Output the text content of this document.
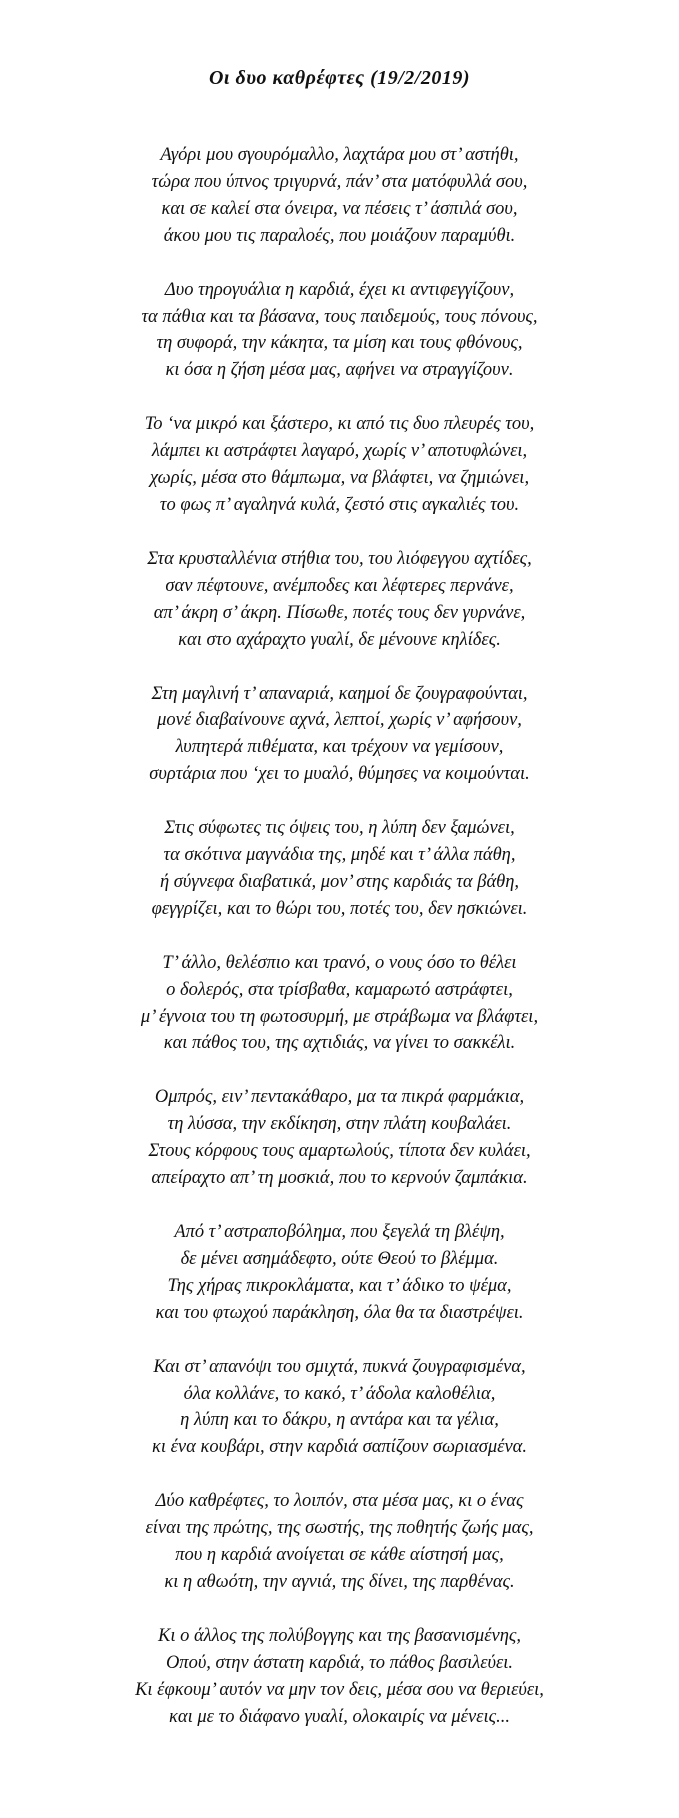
Οι δυο καθρέφτες (19/2/2019)
Αγόρι μου σγουρόμαλλο, λαχτάρα μου στ’ αστήθι,
τώρα που ύπνος τριγυρνά, πάν’ στα ματόφυλλά σου,
και σε καλεί στα όνειρα, να πέσεις τ’ άσπιλά σου,
άκου μου τις παραλοές, που μοιάζουν παραμύθι.
Δυο τηρογυάλια η καρδιά, έχει κι αντιφεγγίζουν,
τα πάθια και τα βάσανα, τους παιδεμούς, τους πόνους,
τη συφορά, την κάκητα, τα μίση και τους φθόνους,
κι όσα η ζήση μέσα μας, αφήνει να στραγγίζουν.
Το ‘να μικρό και ξάστερο, κι από τις δυο πλευρές του,
λάμπει κι αστράφτει λαγαρό, χωρίς ν’ αποτυφλώνει,
χωρίς, μέσα στο θάμπωμα, να βλάφτει, να ζημιώνει,
το φως π’ αγαληνά κυλά, ζεστό στις αγκαλιές του.
Στα κρυσταλλένια στήθια του, του λιόφεγγου αχτίδες,
σαν πέφτουνε, ανέμποδες και λέφτερες περνάνε,
απ’ άκρη σ’ άκρη. Πίσωθε, ποτές τους δεν γυρνάνε,
και στο αχάραχτο γυαλί, δε μένουνε κηλίδες.
Στη μαγλινή τ’ απαναριά, καημοί δε ζουγραφούνται,
μονέ διαβαίνουνε αχνά, λεπτοί, χωρίς ν’ αφήσουν,
λυπητερά πιθέματα, και τρέχουν να γεμίσουν,
συρτάρια που ‘χει το μυαλό, θύμησες να κοιμούνται.
Στις σύφωτες τις όψεις του, η λύπη δεν ξαμώνει,
τα σκότινα μαγνάδια της, μηδέ και τ’ άλλα πάθη,
ή σύγνεφα διαβατικά, μον’ στης καρδιάς τα βάθη,
φεγγρίζει, και το θώρι του, ποτές του, δεν ησκιώνει.
Τ’ άλλο, θελέσπιο και τρανό, ο νους όσο το θέλει
ο δολερός, στα τρίσβαθα, καμαρωτό αστράφτει,
μ’ έγνοια του τη φωτοσυρμή, με στράβωμα να βλάφτει,
και πάθος του, της αχτιδιάς, να γίνει το σακκέλι.
Ομπρός, ειν’ πεντακάθαρο, μα τα πικρά φαρμάκια,
τη λύσσα, την εκδίκηση, στην πλάτη κουβαλάει.
Στους κόρφους τους αμαρτωλούς, τίποτα δεν κυλάει,
απείραχτο απ’ τη μοσκιά, που το κερνούν ζαμπάκια.
Από τ’ αστραποβόλημα, που ξεγελά τη βλέψη,
δε μένει ασημάδεφτο, ούτε Θεού το βλέμμα.
Της χήρας πικροκλάματα, και τ’ άδικο το ψέμα,
και του φτωχού παράκληση, όλα θα τα διαστρέψει.
Και στ’ απανόψι του σμιχτά, πυκνά ζουγραφισμένα,
όλα κολλάνε, το κακό, τ’ άδολα καλοθέλια,
η λύπη και το δάκρυ, η αντάρα και τα γέλια,
κι ένα κουβάρι, στην καρδιά σαπίζουν σωριασμένα.
Δύο καθρέφτες, το λοιπόν, στα μέσα μας, κι ο ένας
είναι της πρώτης, της σωστής, της ποθητής ζωής μας,
που η καρδιά ανοίγεται σε κάθε αίστησή μας,
κι η αθωότη, την αγνιά, της δίνει, της παρθένας.
Κι ο άλλος της πολύβογγης και της βασανισμένης,
Οπού, στην άστατη καρδιά, το πάθος βασιλεύει.
Κι έφκουμ’ αυτόν να μην τον δεις, μέσα σου να θεριεύει,
και με το διάφανο γυαλί, ολοκαιρίς να μένεις...
